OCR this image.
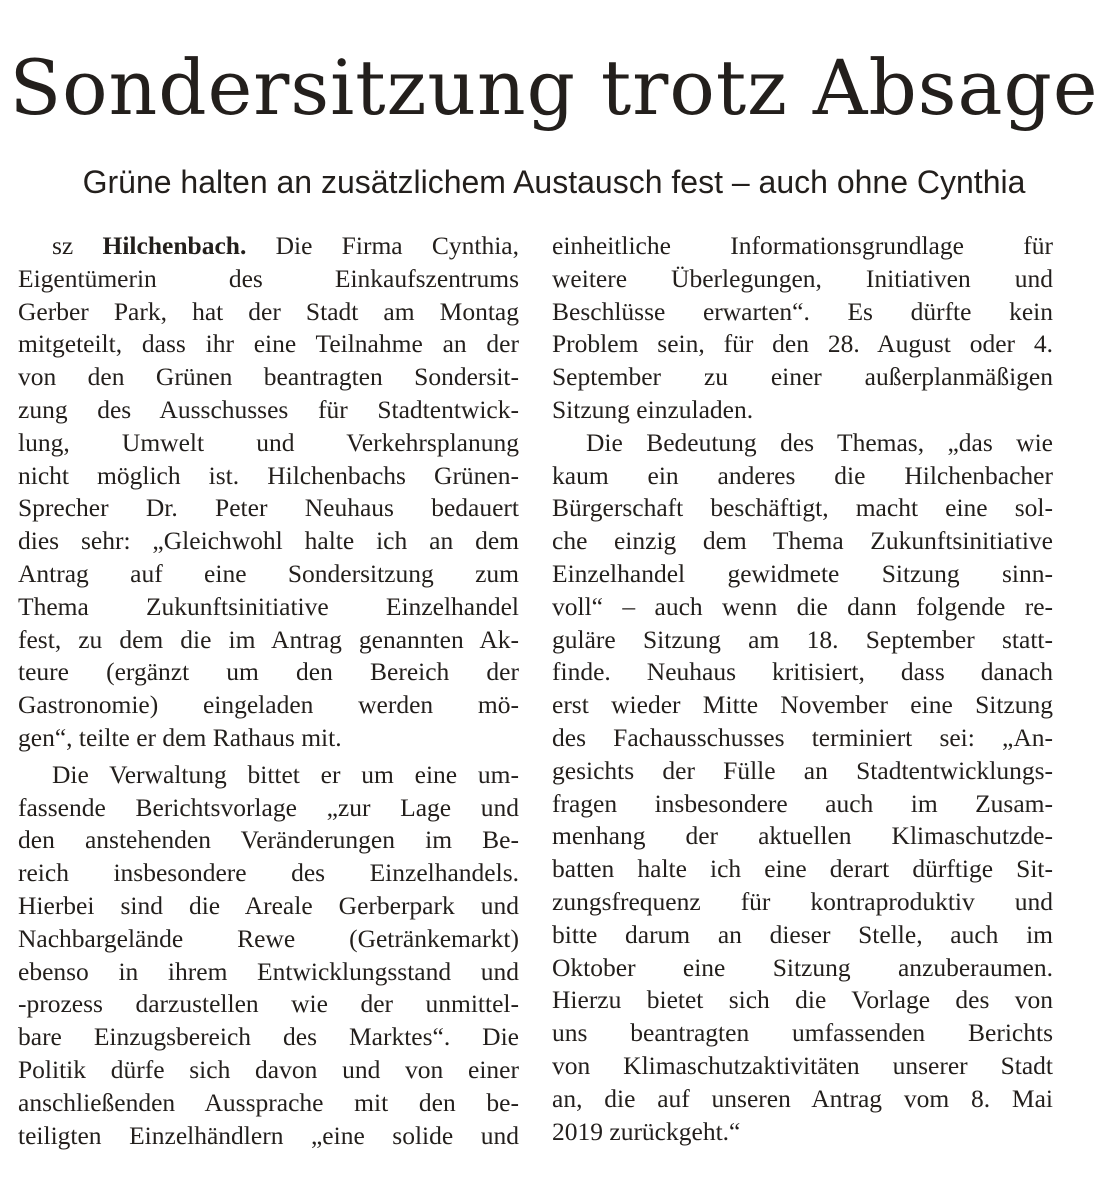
Sondersitzung trotz Absage
Grüne halten an zusätzlichem Austausch fest – auch ohne Cynthia
sz Hilchenbach. Die Firma Cynthia,
Eigentümerin des Einkaufszentrums
Gerber Park, hat der Stadt am Montag
mitgeteilt, dass ihr eine Teilnahme an der
von den Grünen beantragten Sondersit-
zung des Ausschusses für Stadtentwick-
lung, Umwelt und Verkehrsplanung
nicht möglich ist. Hilchenbachs Grünen-
Sprecher Dr. Peter Neuhaus bedauert
dies sehr: „Gleichwohl halte ich an dem
Antrag auf eine Sondersitzung zum
Thema Zukunftsinitiative Einzelhandel
fest, zu dem die im Antrag genannten Ak-
teure (ergänzt um den Bereich der
Gastronomie) eingeladen werden mö-
gen“, teilte er dem Rathaus mit.
Die Verwaltung bittet er um eine um-
fassende Berichtsvorlage „zur Lage und
den anstehenden Veränderungen im Be-
reich insbesondere des Einzelhandels.
Hierbei sind die Areale Gerberpark und
Nachbargelände Rewe (Getränkemarkt)
ebenso in ihrem Entwicklungsstand und
-prozess darzustellen wie der unmittel-
bare Einzugsbereich des Marktes“. Die
Politik dürfe sich davon und von einer
anschließenden Aussprache mit den be-
teiligten Einzelhändlern „eine solide und
einheitliche Informationsgrundlage für
weitere Überlegungen, Initiativen und
Beschlüsse erwarten“. Es dürfte kein
Problem sein, für den 28. August oder 4.
September zu einer außerplanmäßigen
Sitzung einzuladen.
Die Bedeutung des Themas, „das wie
kaum ein anderes die Hilchenbacher
Bürgerschaft beschäftigt, macht eine sol-
che einzig dem Thema Zukunftsinitiative
Einzelhandel gewidmete Sitzung sinn-
voll“ – auch wenn die dann folgende re-
guläre Sitzung am 18. September statt-
finde. Neuhaus kritisiert, dass danach
erst wieder Mitte November eine Sitzung
des Fachausschusses terminiert sei: „An-
gesichts der Fülle an Stadtentwicklungs-
fragen insbesondere auch im Zusam-
menhang der aktuellen Klimaschutzde-
batten halte ich eine derart dürftige Sit-
zungsfrequenz für kontraproduktiv und
bitte darum an dieser Stelle, auch im
Oktober eine Sitzung anzuberaumen.
Hierzu bietet sich die Vorlage des von
uns beantragten umfassenden Berichts
von Klimaschutzaktivitäten unserer Stadt
an, die auf unseren Antrag vom 8. Mai
2019 zurückgeht.“
